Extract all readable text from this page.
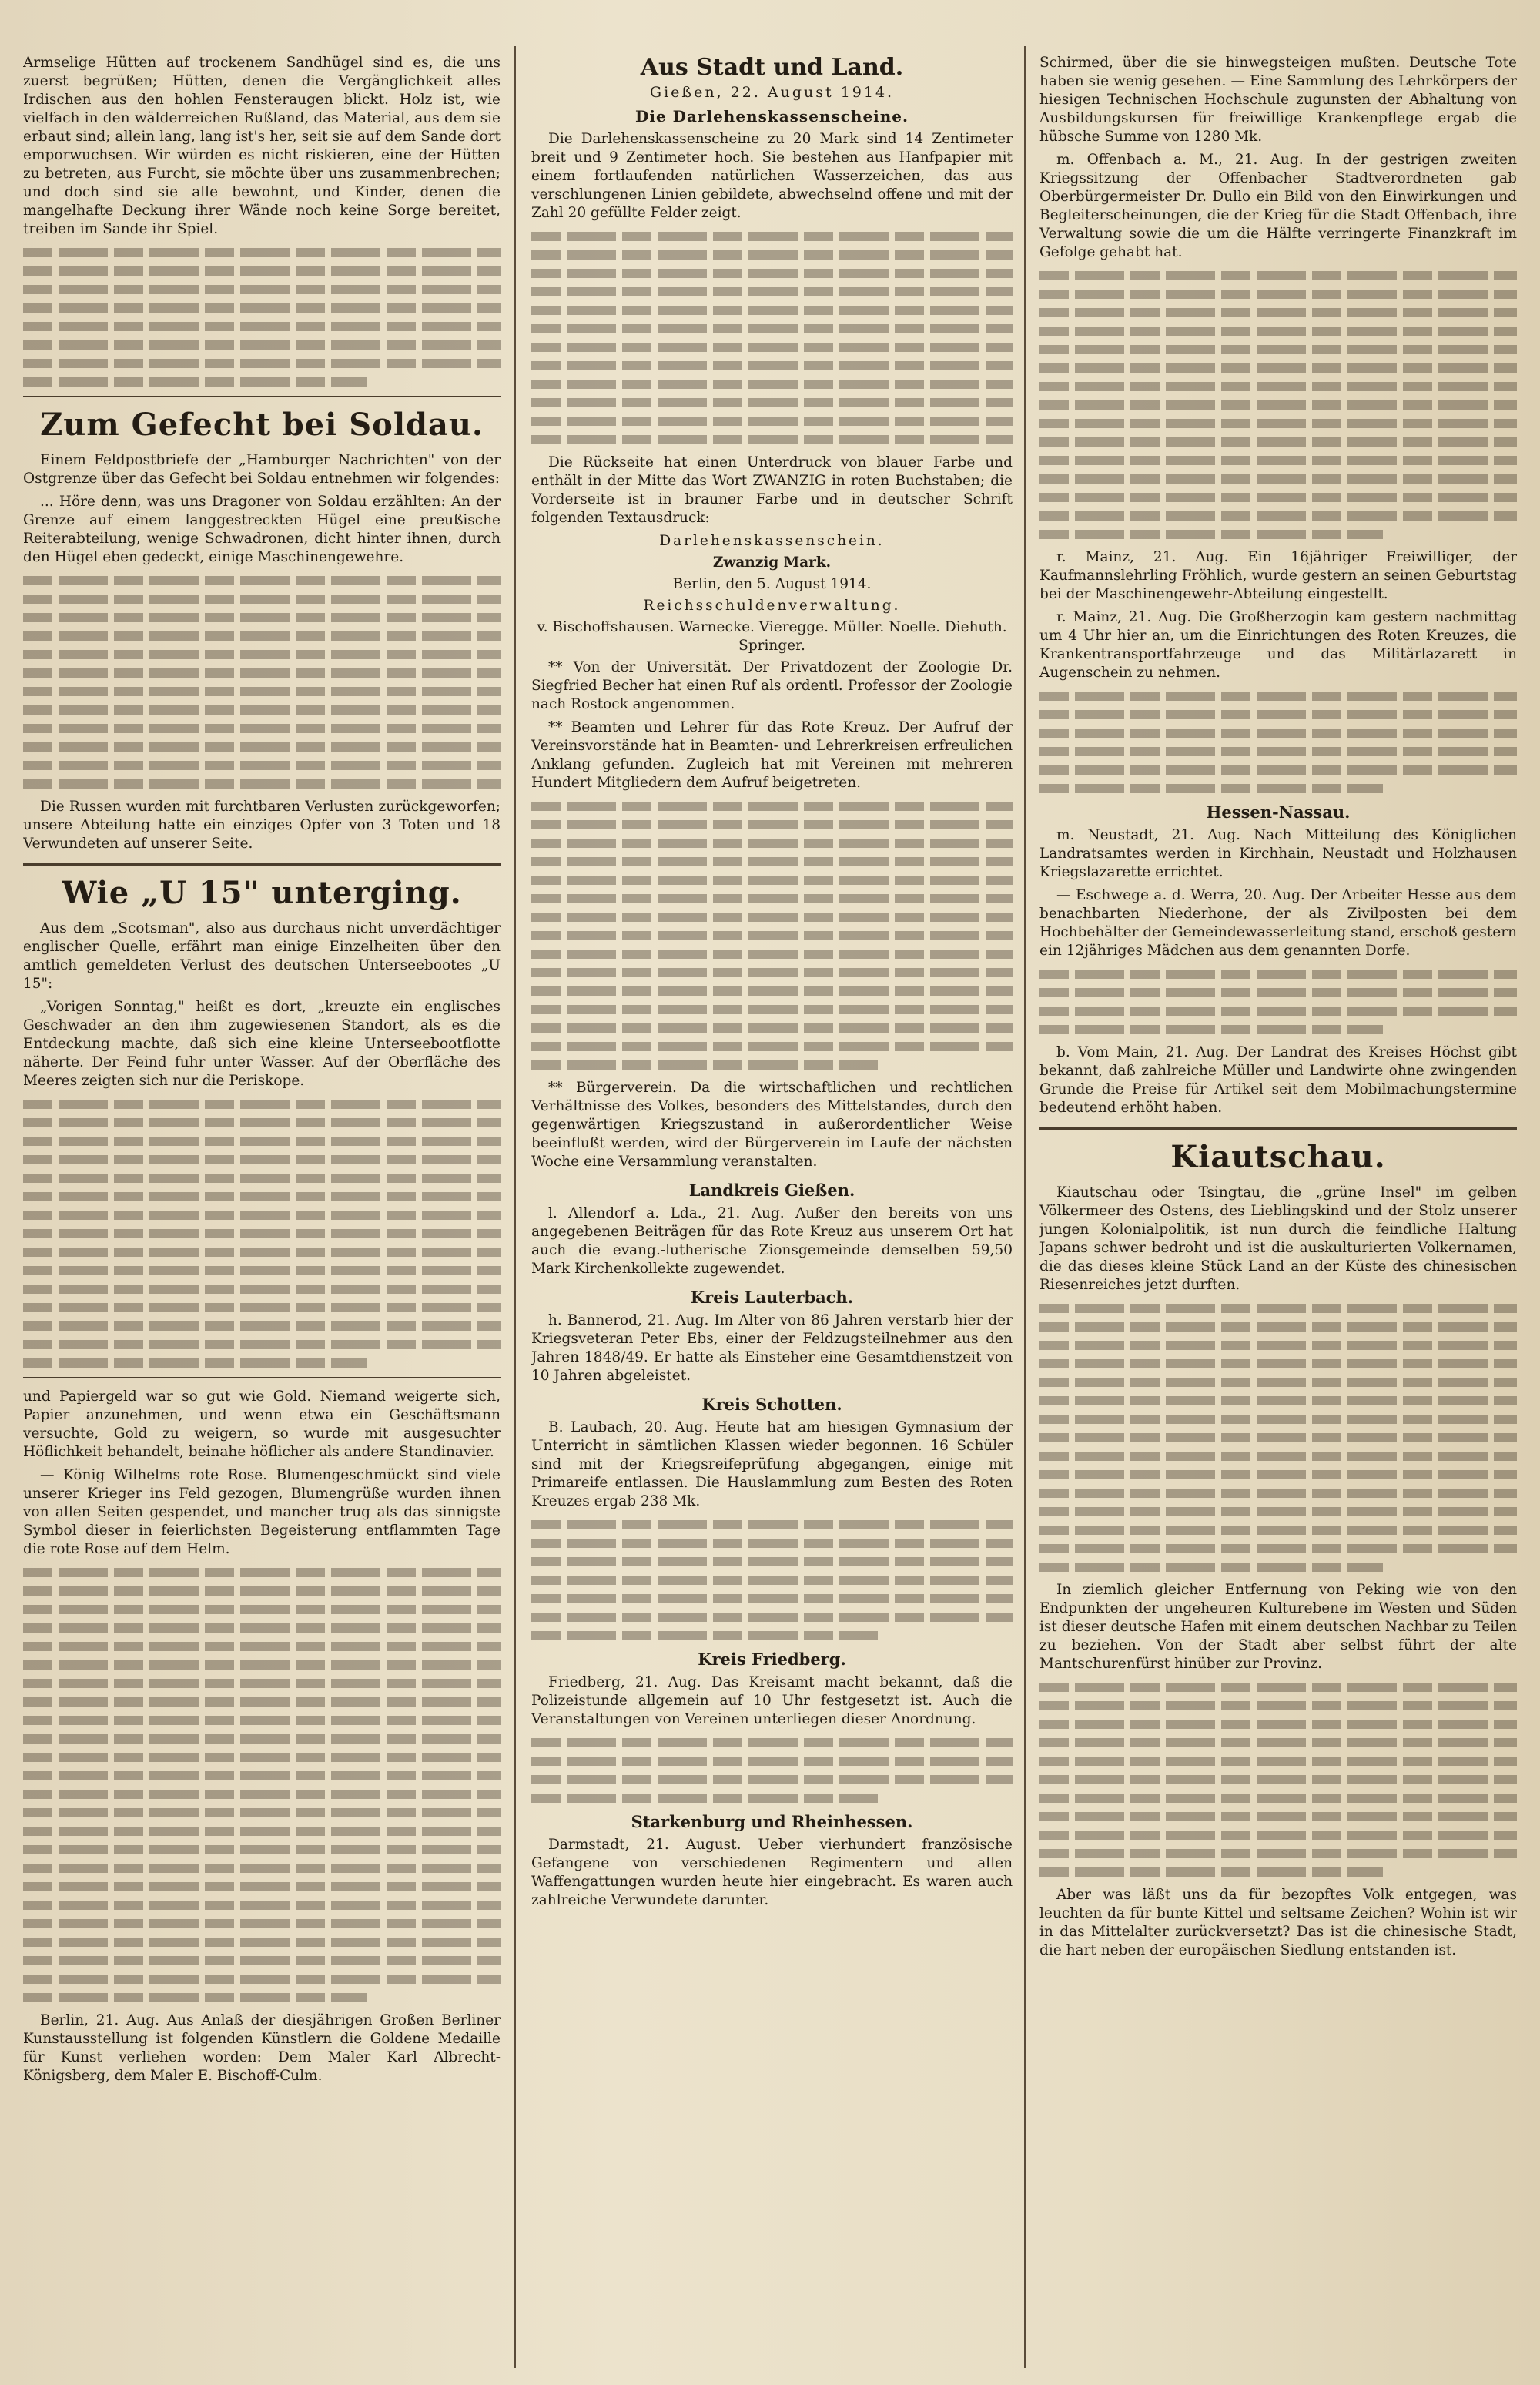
Armselige Hütten auf trockenem Sandhügel sind es, die uns zuerst begrüßen; Hütten, denen die Vergänglichkeit alles Irdischen aus den hohlen Fensteraugen blickt. Holz ist, wie vielfach in den wälderreichen Rußland, das Material, aus dem sie erbaut sind; allein lang, lang ist's her, seit sie auf dem Sande dort emporwuchsen. Wir würden es nicht riskieren, eine der Hütten zu betreten, aus Furcht, sie möchte über uns zusammenbrechen; und doch sind sie alle bewohnt, und Kinder, denen die mangelhafte Deckung ihrer Wände noch keine Sorge bereitet, treiben im Sande ihr Spiel.

Zum Gefecht bei Soldau.

Einem Feldpostbriefe der „Hamburger Nachrichten" von der Ostgrenze über das Gefecht bei Soldau entnehmen wir folgendes:

... Höre denn, was uns Dragoner von Soldau erzählten: An der Grenze auf einem langgestreckten Hügel eine preußische Reiterabteilung, wenige Schwadronen, dicht hinter ihnen, durch den Hügel eben gedeckt, einige Maschinengewehre.

Die Russen wurden mit furchtbaren Verlusten zurückgeworfen; unsere Abteilung hatte ein einziges Opfer von 3 Toten und 18 Verwundeten auf unserer Seite.

Wie „U 15" unterging.

Aus dem „Scotsman", also aus durchaus nicht unverdächtiger englischer Quelle, erfährt man einige Einzelheiten über den amtlich gemeldeten Verlust des deutschen Unterseebootes „U 15":

„Vorigen Sonntag," heißt es dort, „kreuzte ein englisches Geschwader an den ihm zugewiesenen Standort, als es die Entdeckung machte, daß sich eine kleine Unterseebootflotte näherte. Der Feind fuhr unter Wasser. Auf der Oberfläche des Meeres zeigten sich nur die Periskope.

und Papiergeld war so gut wie Gold. Niemand weigerte sich, Papier anzunehmen, und wenn etwa ein Geschäftsmann versuchte, Gold zu weigern, so wurde mit ausgesuchter Höflichkeit behandelt, beinahe höflicher als andere Standinavier.

— König Wilhelms rote Rose. Blumengeschmückt sind viele unserer Krieger ins Feld gezogen, Blumengrüße wurden ihnen von allen Seiten gespendet, und mancher trug als das sinnigste Symbol dieser in feierlichsten Begeisterung entflammten Tage die rote Rose auf dem Helm.

Berlin, 21. Aug. Aus Anlaß der diesjährigen Großen Berliner Kunstausstellung ist folgenden Künstlern die Goldene Medaille für Kunst verliehen worden: Dem Maler Karl Albrecht-Königsberg, dem Maler E. Bischoff-Culm.

Aus Stadt und Land.
Gießen, 22. August 1914.
Die Darlehenskassenscheine.

Die Darlehenskassenscheine zu 20 Mark sind 14 Zentimeter breit und 9 Zentimeter hoch. Sie bestehen aus Hanfpapier mit einem fortlaufenden natürlichen Wasserzeichen, das aus verschlungenen Linien gebildete, abwechselnd offene und mit der Zahl 20 gefüllte Felder zeigt.

Die Rückseite hat einen Unterdruck von blauer Farbe und enthält in der Mitte das Wort ZWANZIG in roten Buchstaben; die Vorderseite ist in brauner Farbe und in deutscher Schrift folgenden Textausdruck:

Darlehenskassenschein.

Zwanzig Mark.

Berlin, den 5. August 1914.

Reichsschuldenverwaltung.

v. Bischoffshausen. Warnecke. Vieregge. Müller. Noelle. Diehuth. Springer.

** Von der Universität. Der Privatdozent der Zoologie Dr. Siegfried Becher hat einen Ruf als ordentl. Professor der Zoologie nach Rostock angenommen.

** Beamten und Lehrer für das Rote Kreuz. Der Aufruf der Vereinsvorstände hat in Beamten- und Lehrerkreisen erfreulichen Anklang gefunden. Zugleich hat mit Vereinen mit mehreren Hundert Mitgliedern dem Aufruf beigetreten.

** Bürgerverein. Da die wirtschaftlichen und rechtlichen Verhältnisse des Volkes, besonders des Mittelstandes, durch den gegenwärtigen Kriegszustand in außerordentlicher Weise beeinflußt werden, wird der Bürgerverein im Laufe der nächsten Woche eine Versammlung veranstalten.

Landkreis Gießen.

l. Allendorf a. Lda., 21. Aug. Außer den bereits von uns angegebenen Beiträgen für das Rote Kreuz aus unserem Ort hat auch die evang.-lutherische Zionsgemeinde demselben 59,50 Mark Kirchenkollekte zugewendet.

Kreis Lauterbach.

h. Bannerod, 21. Aug. Im Alter von 86 Jahren verstarb hier der Kriegsveteran Peter Ebs, einer der Feldzugsteilnehmer aus den Jahren 1848/49. Er hatte als Einsteher eine Gesamtdienstzeit von 10 Jahren abgeleistet.

Kreis Schotten.

B. Laubach, 20. Aug. Heute hat am hiesigen Gymnasium der Unterricht in sämtlichen Klassen wieder begonnen. 16 Schüler sind mit der Kriegsreifeprüfung abgegangen, einige mit Primareife entlassen. Die Hauslammlung zum Besten des Roten Kreuzes ergab 238 Mk.

Kreis Friedberg.

Friedberg, 21. Aug. Das Kreisamt macht bekannt, daß die Polizeistunde allgemein auf 10 Uhr festgesetzt ist. Auch die Veranstaltungen von Vereinen unterliegen dieser Anordnung.

Starkenburg und Rheinhessen.

Darmstadt, 21. August. Ueber vierhundert französische Gefangene von verschiedenen Regimentern und allen Waffengattungen wurden heute hier eingebracht. Es waren auch zahlreiche Verwundete darunter.

Schirmed, über die sie hinwegsteigen mußten. Deutsche Tote haben sie wenig gesehen. — Eine Sammlung des Lehrkörpers der hiesigen Technischen Hochschule zugunsten der Abhaltung von Ausbildungskursen für freiwillige Krankenpflege ergab die hübsche Summe von 1280 Mk.

m. Offenbach a. M., 21. Aug. In der gestrigen zweiten Kriegssitzung der Offenbacher Stadtverordneten gab Oberbürgermeister Dr. Dullo ein Bild von den Einwirkungen und Begleiterscheinungen, die der Krieg für die Stadt Offenbach, ihre Verwaltung sowie die um die Hälfte verringerte Finanzkraft im Gefolge gehabt hat.

r. Mainz, 21. Aug. Ein 16jähriger Freiwilliger, der Kaufmannslehrling Fröhlich, wurde gestern an seinen Geburtstag bei der Maschinengewehr-Abteilung eingestellt.

r. Mainz, 21. Aug. Die Großherzogin kam gestern nachmittag um 4 Uhr hier an, um die Einrichtungen des Roten Kreuzes, die Krankentransportfahrzeuge und das Militärlazarett in Augenschein zu nehmen.

Hessen-Nassau.

m. Neustadt, 21. Aug. Nach Mitteilung des Königlichen Landratsamtes werden in Kirchhain, Neustadt und Holzhausen Kriegslazarette errichtet.

— Eschwege a. d. Werra, 20. Aug. Der Arbeiter Hesse aus dem benachbarten Niederhone, der als Zivilposten bei dem Hochbehälter der Gemeindewasserleitung stand, erschoß gestern ein 12jähriges Mädchen aus dem genannten Dorfe.

b. Vom Main, 21. Aug. Der Landrat des Kreises Höchst gibt bekannt, daß zahlreiche Müller und Landwirte ohne zwingenden Grunde die Preise für Artikel seit dem Mobilmachungstermine bedeutend erhöht haben.

Kiautschau.

Kiautschau oder Tsingtau, die „grüne Insel" im gelben Völkermeer des Ostens, des Lieblingskind und der Stolz unserer jungen Kolonialpolitik, ist nun durch die feindliche Haltung Japans schwer bedroht und ist die auskulturierten Volkernamen, die das dieses kleine Stück Land an der Küste des chinesischen Riesenreiches jetzt durften.

In ziemlich gleicher Entfernung von Peking wie von den Endpunkten der ungeheuren Kulturebene im Westen und Süden ist dieser deutsche Hafen mit einem deutschen Nachbar zu Teilen zu beziehen. Von der Stadt aber selbst führt der alte Mantschurenfürst hinüber zur Provinz.

Aber was läßt uns da für bezopftes Volk entgegen, was leuchten da für bunte Kittel und seltsame Zeichen? Wohin ist wir in das Mittelalter zurückversetzt? Das ist die chinesische Stadt, die hart neben der europäischen Siedlung entstanden ist.
